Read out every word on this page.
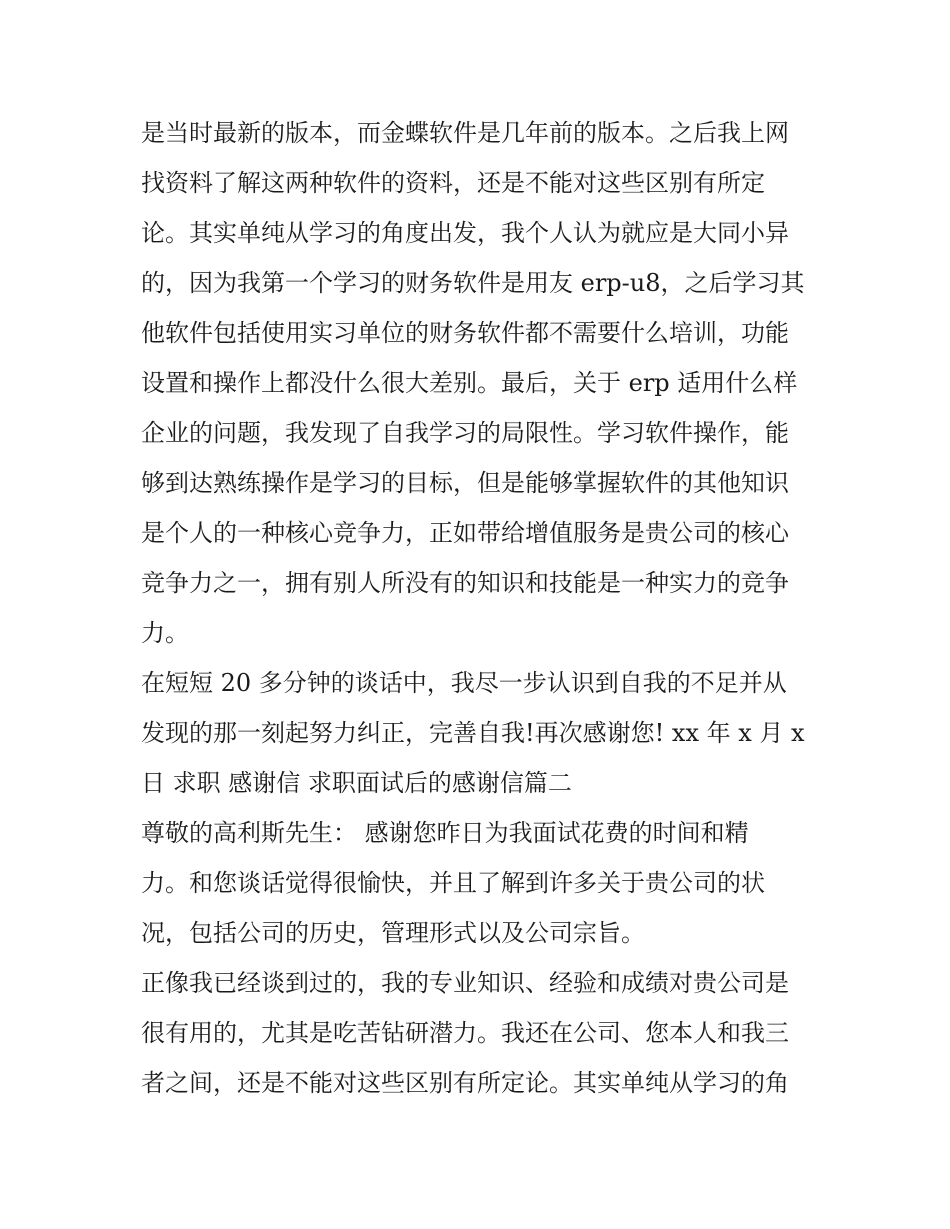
是当时最新的版本，而金蝶软件是几年前的版本。之后我上网

找资料了解这两种软件的资料，还是不能对这些区别有所定

论。其实单纯从学习的角度出发，我个人认为就应是大同小异

的，因为我第一个学习的财务软件是用友 erp-u8，之后学习其

他软件包括使用实习单位的财务软件都不需要什么培训，功能

设置和操作上都没什么很大差别。最后，关于 erp 适用什么样

企业的问题，我发现了自我学习的局限性。学习软件操作，能

够到达熟练操作是学习的目标，但是能够掌握软件的其他知识

是个人的一种核心竞争力，正如带给增值服务是贵公司的核心

竞争力之一，拥有别人所没有的知识和技能是一种实力的竞争

力。

在短短 20 多分钟的谈话中，我尽一步认识到自我的不足并从

发现的那一刻起努力纠正，完善自我!再次感谢您! xx 年 x 月 x

日 求职 感谢信 求职面试后的感谢信篇二

尊敬的高利斯先生： 感谢您昨日为我面试花费的时间和精

力。和您谈话觉得很愉快，并且了解到许多关于贵公司的状

况，包括公司的历史，管理形式以及公司宗旨。

正像我已经谈到过的，我的专业知识、经验和成绩对贵公司是

很有用的，尤其是吃苦钻研潜力。我还在公司、您本人和我三

者之间，还是不能对这些区别有所定论。其实单纯从学习的角
